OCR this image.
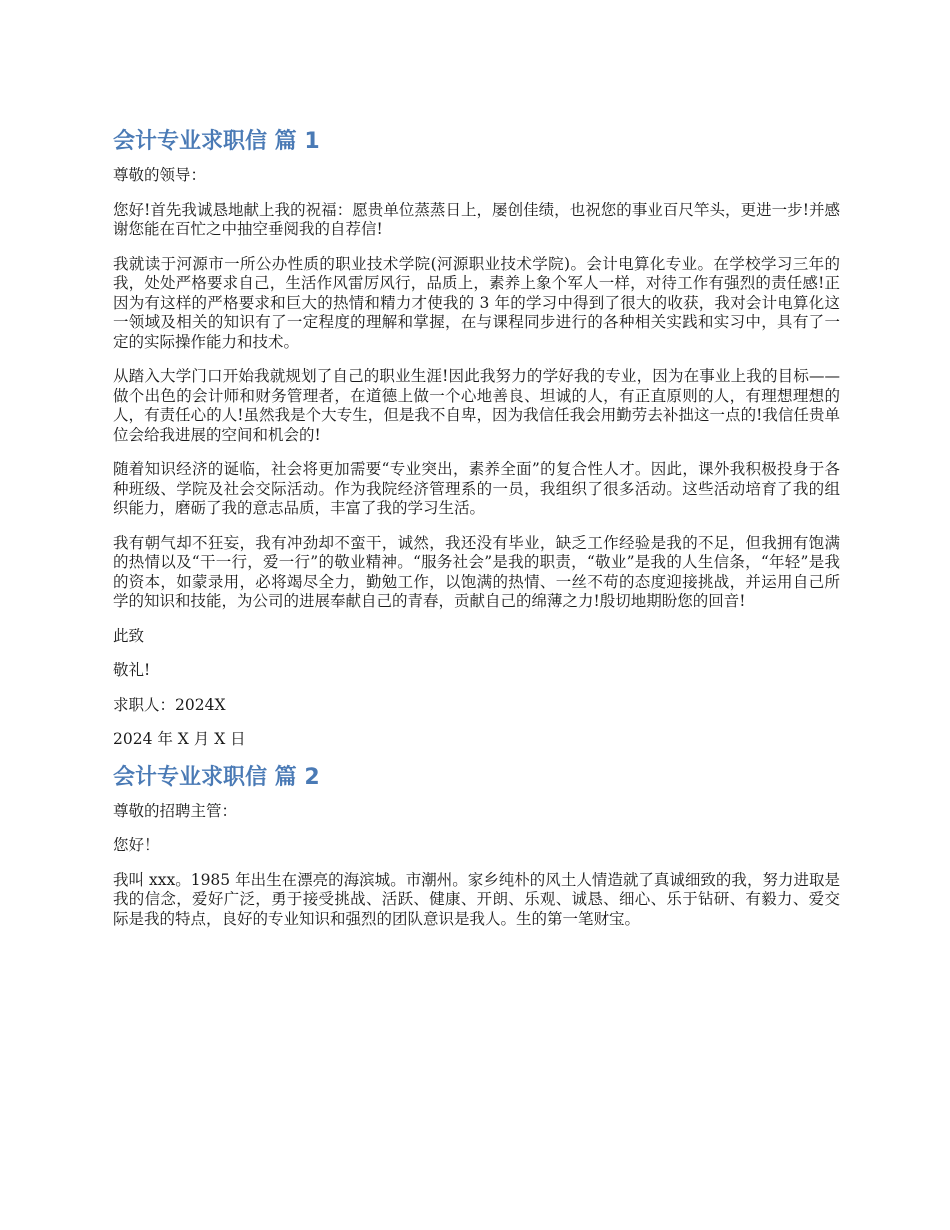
会计专业求职信 篇 1

尊敬的领导：

您好!首先我诚恳地献上我的祝福：愿贵单位蒸蒸日上，屡创佳绩，也祝您的事业百尺竿头，更进一步!并感谢您能在百忙之中抽空垂阅我的自荐信!

我就读于河源市一所公办性质的职业技术学院(河源职业技术学院)。会计电算化专业。在学校学习三年的我，处处严格要求自己，生活作风雷厉风行，品质上，素养上象个军人一样，对待工作有强烈的责任感!正因为有这样的严格要求和巨大的热情和精力才使我的 3 年的学习中得到了很大的收获，我对会计电算化这一领域及相关的知识有了一定程度的理解和掌握，在与课程同步进行的各种相关实践和实习中，具有了一定的实际操作能力和技术。

从踏入大学门口开始我就规划了自己的职业生涯!因此我努力的学好我的专业，因为在事业上我的目标——做个出色的会计师和财务管理者，在道德上做一个心地善良、坦诚的人，有正直原则的人，有理想理想的人，有责任心的人!虽然我是个大专生，但是我不自卑，因为我信任我会用勤劳去补拙这一点的!我信任贵单位会给我进展的空间和机会的!

随着知识经济的诞临，社会将更加需要“专业突出，素养全面”的复合性人才。因此，课外我积极投身于各种班级、学院及社会交际活动。作为我院经济管理系的一员，我组织了很多活动。这些活动培育了我的组织能力，磨砺了我的意志品质，丰富了我的学习生活。

我有朝气却不狂妄，我有冲劲却不蛮干，诚然，我还没有毕业，缺乏工作经验是我的不足，但我拥有饱满的热情以及“干一行，爱一行”的敬业精神。“服务社会”是我的职责，“敬业”是我的人生信条，“年轻”是我的资本，如蒙录用，必将竭尽全力，勤勉工作，以饱满的热情、一丝不苟的态度迎接挑战，并运用自己所学的知识和技能，为公司的进展奉献自己的青春，贡献自己的绵薄之力!殷切地期盼您的回音!

此致

敬礼!

求职人：2024X

2024 年 X 月 X 日

会计专业求职信 篇 2

尊敬的招聘主管：

您好！

我叫 xxx。1985 年出生在漂亮的海滨城。市潮州。家乡纯朴的风土人情造就了真诚细致的我，努力进取是我的信念，爱好广泛，勇于接受挑战、活跃、健康、开朗、乐观、诚恳、细心、乐于钻研、有毅力、爱交际是我的特点，良好的专业知识和强烈的团队意识是我人。生的第一笔财宝。
